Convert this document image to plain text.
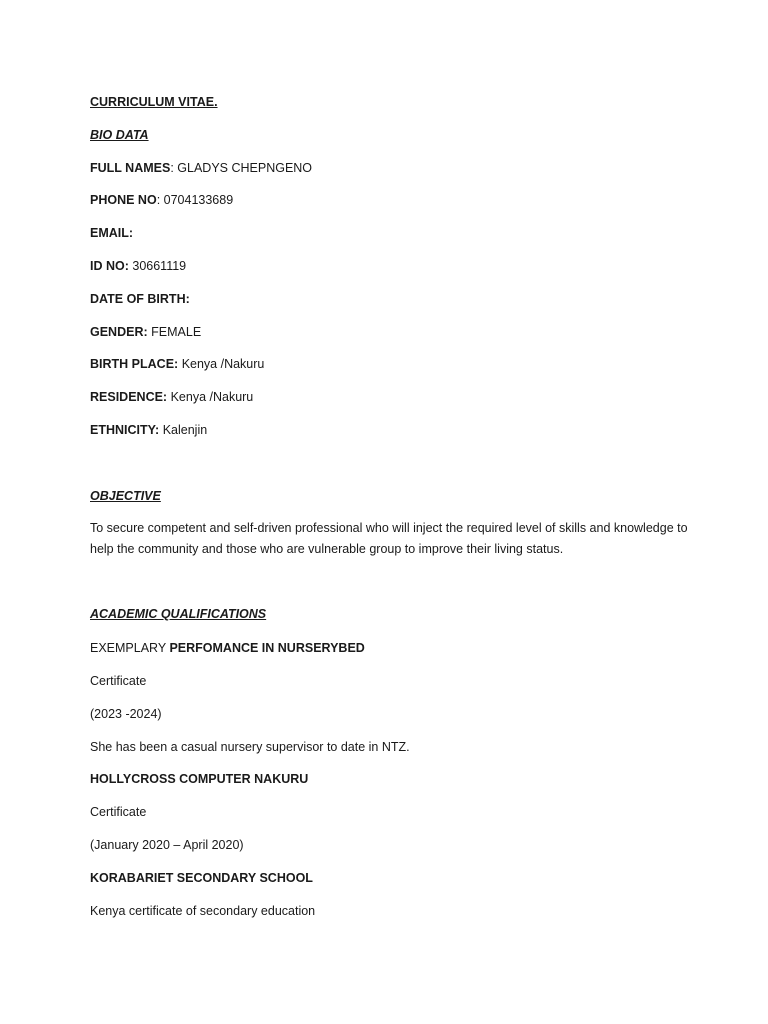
CURRICULUM VITAE.

BIO DATA

FULL NAMES: GLADYS CHEPNGENO

PHONE NO: 0704133689

EMAIL:

ID NO: 30661119

DATE OF BIRTH:

GENDER: FEMALE

BIRTH PLACE: Kenya /Nakuru

RESIDENCE: Kenya /Nakuru

ETHNICITY: Kalenjin

OBJECTIVE

To secure competent and self-driven professional who will inject the required level of skills and knowledge to help the community and those who are vulnerable group to improve their living status.

ACADEMIC QUALIFICATIONS

EXEMPLARY PERFOMANCE IN NURSERYBED

Certificate

(2023 -2024)

She has been a casual nursery supervisor to date in NTZ.

HOLLYCROSS COMPUTER NAKURU

Certificate

(January 2020 – April 2020)

KORABARIET SECONDARY SCHOOL

Kenya certificate of secondary education
